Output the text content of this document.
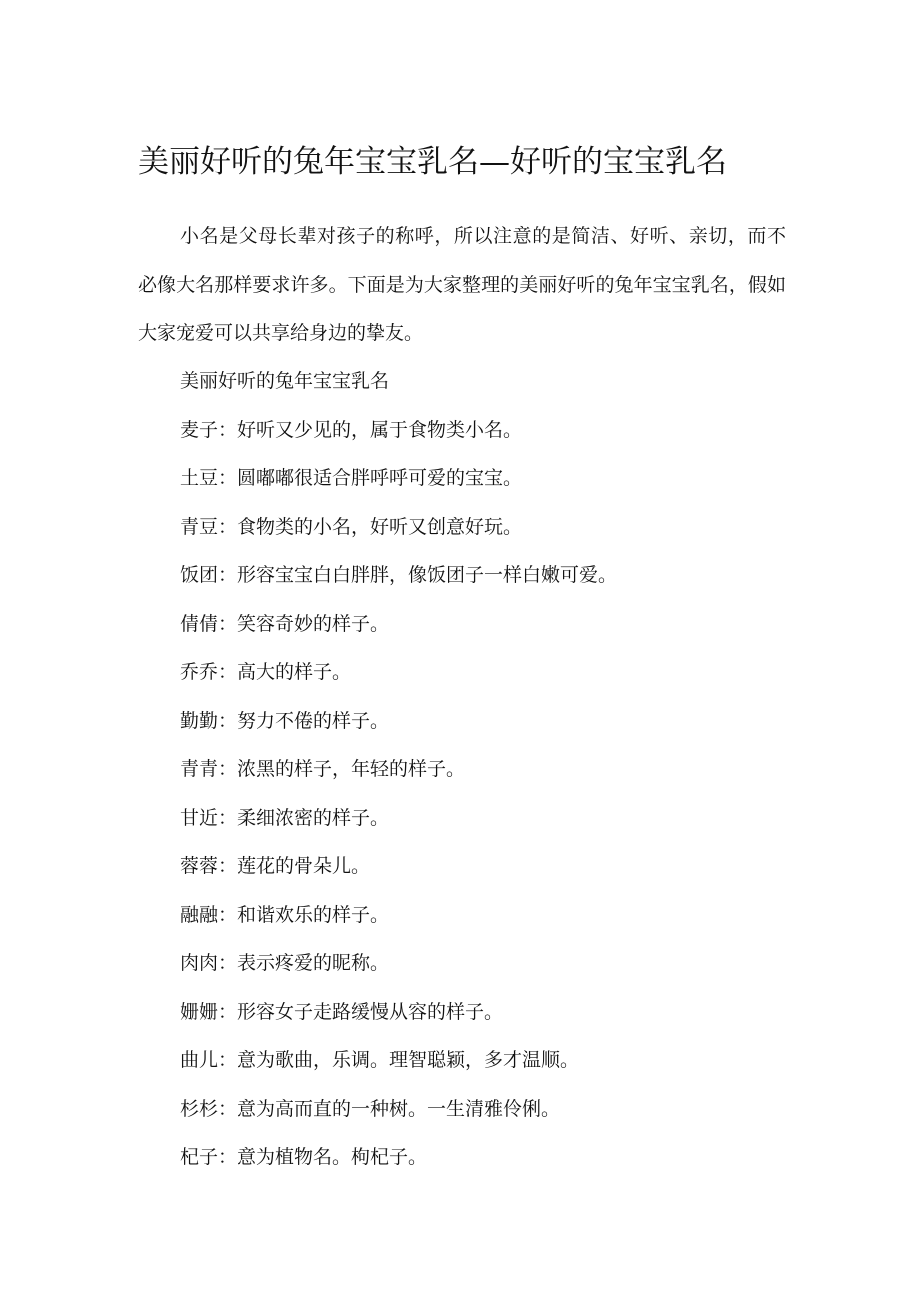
美丽好听的兔年宝宝乳名—好听的宝宝乳名

小名是父母长辈对孩子的称呼，所以注意的是简洁、好听、亲切，而不必像大名那样要求许多。下面是为大家整理的美丽好听的兔年宝宝乳名，假如大家宠爱可以共享给身边的挚友。

美丽好听的兔年宝宝乳名
麦子：好听又少见的，属于食物类小名。
土豆：圆嘟嘟很适合胖呼呼可爱的宝宝。
青豆：食物类的小名，好听又创意好玩。
饭团：形容宝宝白白胖胖，像饭团子一样白嫩可爱。
倩倩：笑容奇妙的样子。
乔乔：高大的样子。
勤勤：努力不倦的样子。
青青：浓黑的样子，年轻的样子。
甘近：柔细浓密的样子。
蓉蓉：莲花的骨朵儿。
融融：和谐欢乐的样子。
肉肉：表示疼爱的昵称。
姗姗：形容女子走路缓慢从容的样子。
曲儿：意为歌曲，乐调。理智聪颖，多才温顺。
杉杉：意为高而直的一种树。一生清雅伶俐。
杞子：意为植物名。枸杞子。
